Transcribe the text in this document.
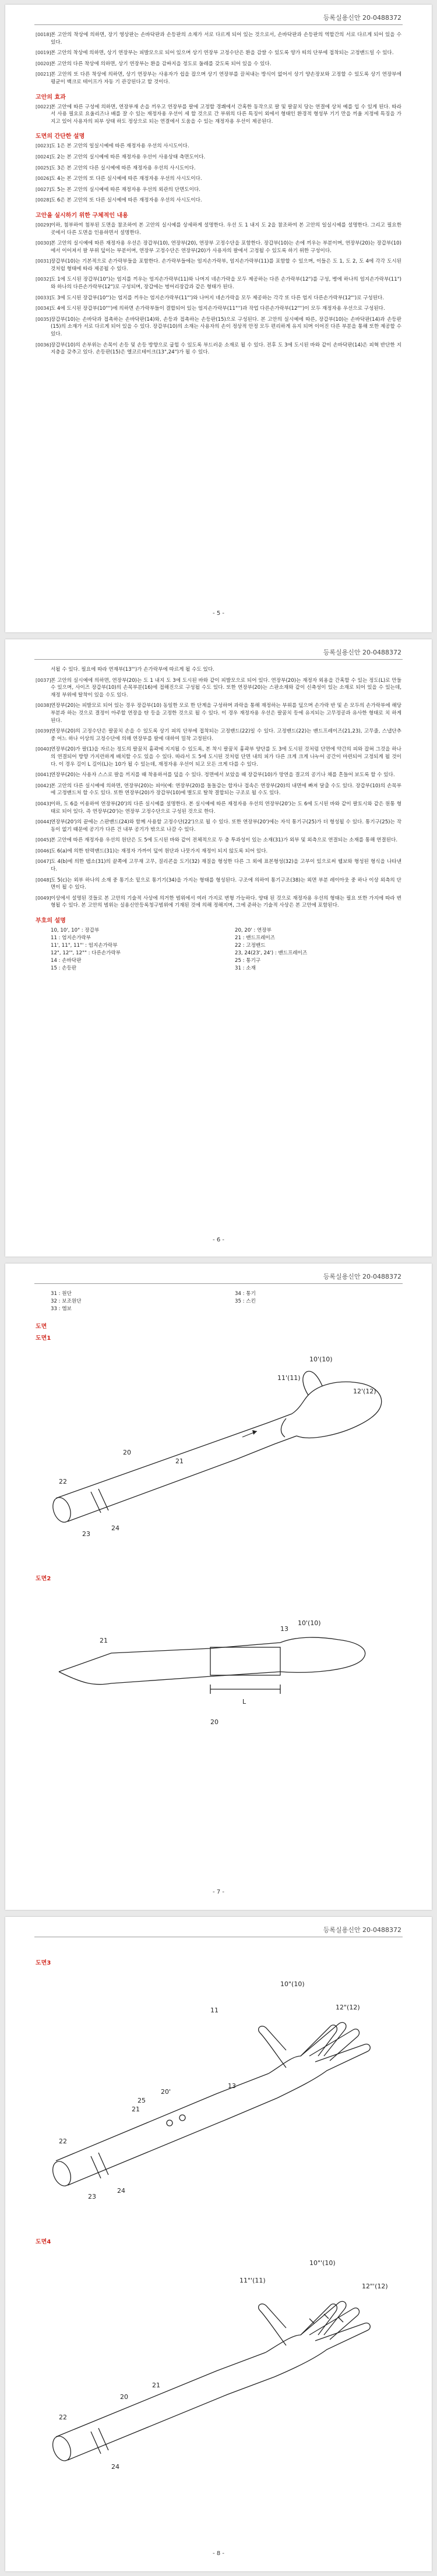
등록실용신안 20-0488372
[0018] 본 고안의 착상에 의하면, 장기 영상판는 손바닥판과 손등판의 소재가 서로 다르게 되어 있는 것으로서, 손바닥판과 손등판의 역할간의 서로 다르게 되어 있을 수 있다.
[0019] 본 고안의 착상에 의하면, 상기 연장부는 피발모으로 되어 있으며 상기 연장부 고정수단은 환을 감쌀 수 있도록 양가 띠의 단부에 접착되는 고정밴드일 수 있다.
[0020] 본 고안의 다른 착상에 의하면, 상기 연장부는 환을 감싸지을 정도로 둘레를 갖도록 되어 있을 수 있다.
[0021] 본 고안의 또 다른 착상에 의하면, 상기 연장부는 사용자가 쉽을 잡으며 상기 연장부를 끌쳐내는 방식이 없어서 상기 양손장보와 고정할 수 있도록 상기 연장부에 평균이 백크로 테이프가 자동 기 관강된다고 할 것이다.
고안의 효과
[0022] 본 고안에 따른 구성에 의하면, 연장부재 손을 끼우고 연장부를 팔에 고정할 경쾌에서 간혹한 동작으로 팔 및 팔꿈치 당는 연결에 상처 예를 입 수 있게 된다. 따라서 사용 필요로 요울리즈나 배를 잘 수 있는 재정자용 우선이 세 할 것으로 간 부위의 다른 특징이 외에서 형태인 환경적 형성부 기기 만을 끼울 지정에 특징을 가지고 있어 사용자의 피부 상태 하도 정상으로 되는 연결에서 도움을 수 있는 재정자용 우선이 제공된다.
도면의 간단한 설명
[0023] 도 1은 본 고안의 일실시예에 따른 재정자용 우선의 사시도이다.
[0024] 도 2는 본 고안의 실시예에 따른 재정자용 우선이 사용상태 측면도이다.
[0025] 도 3은 본 고안의 다른 실시예에 따른 재정자용 우선의 사시도이다.
[0026] 도 4는 본 고안의 또 다른 실시예에 따른 재정자용 우선의 사시도이다.
[0027] 도 5는 본 고안의 실시예에 따른 재정자용 우선의 외관의 단면도이다.
[0028] 도 6은 본 고안의 또 다른 실시예에 따른 재정자용 우선의 사시도이다.
고안을 실시하기 위한 구체적인 내용
[0029] 이하, 첨부하여 첨부된 도면을 참조하여 본 고안의 실시예를 상세하게 설명한다. 우선 도 1 내지 도 2을 참조하여 본 고안의 일실시예를 설명한다. 그리고 필요한 곳에서 다른 도면을 인용하면서 설명한다.
[0030] 본 고안의 실시예에 따른 재정자용 우선은 장갑부(10), 연장부(20), 연장부 고정수단을 포함한다. 장갑부(10)는 손에 끼우는 부분이며, 연장부(20)는 장갑부(10)에서 이어져서 팔 부위 덮이는 부분이며, 연장부 고정수단은 연장부(20)가 사용자의 팔에서 고정될 수 있도록 하기 위한 구성이다.
[0031] 장갑부(10)는 기본적으로 손가락부들을 포함한다. 손가락부들에는 엄지손가락부, 엄지손가락부(11)를 포함할 수 있으며, 이들은 도 1, 도 2, 도 4에 각각 도시된 것처럼 형태에 따라 제공될 수 있다.
[0032] 도 1에 도시된 장갑부(10")는 엄지를 끼우는 엄지손가락부(11)와 나머지 네손가락을 모두 제공하는 다른 손가락부(12")를 구성, 병에 하나의 엄지손가락부(11")와 하나의 다른손가락부(12")로 구성되며, 장갑에는 벙어리장갑과 같은 형태가 된다.
[0033] 도 3에 도시된 장갑부(10"')는 엄지를 끼우는 엄지손가락부(11"')와 나머지 네손가락을 모두 제공하는 각각 또 다른 엄지 다른손가락부(12"')로 구성된다.
[0034] 도 4에 도시된 장갑부(10"'')에 의하면 손가락부들이 결합되어 있는 엄지손가락부(11"'')과 작업 다른손가락부(12"'')이 모두 재정자용 우선으로 구성된다.
[0035] 장갑부(10)는 손바닥과 접촉하는 손바닥판(14)와, 손등과 접촉하는 손등판(15)으로 구성된다. 본 고안의 실시예에 따른, 장갑부(10)는 손바닥판(14)과 손등판(15)의 소재가 서로 다르게 되어 있을 수 있다. 장갑부(10)의 소재는 사용자의 손이 정상적 안정 모두 편리하게 유지 되며 이어진 다른 부분을 통해 또한 제공할 수 있다.
[0036] 장갑부(10)의 손부위는 손목이 손등 및 손등 방향으로 굽힐 수 있도록 부드러운 소재로 될 수 있다. 전후 도 3에 도시된 바와 같이 손바닥판(14)은 피혁 반단한 지지층을 갖추고 있다. 손등판(15)은 엘코르테이크(13",24")가 될 수 있다.
- 5 -
등록실용신안 20-0488372
서될 수 있다. 필요에 따라 연재부(13"')가 손가락부에 따르게 될 수도 있다.
[0037] 본 고안의 실시예에 의하면, 연장부(20)는 도 1 내지 도 3에 도시된 바와 같이 피발모으로 되어 있다. 연장부(20)는 재정자 외용을 간혹할 수 있는 정도(L)로 만들 수 있으며, 사이즈 장갑부(10)의 손목부분(16)에 접해진으로 구성될 수도 있다. 또한 연장부(20)는 스판소재와 같이 신축성이 있는 소재로 되어 있을 수 있는데, 재정 부위에 탈착이 있을 수도 있다.
[0038] 연장부(20)는 피발모로 되어 있는 경우 장갑부(10) 동일한 모로 한 단계을 구성하며 과락을 통해 재정하는 부위를 덮으며 손가락 반 및 손 모두의 손가락부에 해당 부분과 하는 것으로 결정이 아주할 연장을 탄 등을 고정한 것으로 될 수 있다. 이 경우 재정자용 우선은 팔꿈치 등에 유지되는 고무정공과 유사한 형태로 치 하게 된다.
[0039] 연장부(20)의 고정수단은 팔꿈치 손을 수 있도록 상기 피의 단부에 접착되는 고정밴드(22)일 수 있다. 고정밴드(22)는 밴드프레이즈(21,23), 고무줄, 스냅단추 중 어느 하나 이상의 고정수단에 의해 연장부를 팔에 대하여 밀착 고정된다.
[0040] 연장부(20)가 팔(1)을 자르는 정도의 팔꿈치 흉곽에 지지될 수 있도록, 본 착시 팔꿈치 흉곽부 양단를 도 3에 도시된 것처럼 단면에 약간의 피와 잡혀 그것을 하나의 연결되어 방향 가지런하게 배치할 수도 있을 수 있다. 따라서 도 5에 도시된 것처럼 단면 내의 피가 다른 크게 크게 나누어 공간이 마련되어 고정되게 될 것이다. 이 경우 길이 L 길이(L)는 10가 될 수 있는데, 재정자용 우선이 되고 모든 크게 다를 수 있다.
[0041] 연장부(20)는 사용자 스스로 팔을 끼지를 때 착용하셔를 덮을 수 있다. 정면에서 보았을 때 장갑부(10)가 망연을 결고의 공기나 채를 흔들어 보도록 할 수 있다.
[0042] 본 고안의 다른 실시예에 의하면, 연장부(20)는 피아(예: 연장부(20)를 돌돌감는 합자나 접속은 연장부(20)의 내면에 빠져 달출 수도 있다. 장갑부(10)의 손목부에 고정밴드처 할 수도 있다. 또한 연장부(20)가 장갑부(10)에 별도로 탈착 결합되는 구조로 될 수도 있다.
[0043] 이하, 도 6을 이용하여 연장부(20')의 다른 실시예를 설명한다. 본 실시예에 따른 재정자용 우선의 연장부(20')는 도 6에 도시된 바와 같이 팔토시와 같은 원통 형태로 되어 있다. 즉 연장부(20')는 연장부 고정수단으로 구성된 것으로 한다.
[0044] 연장부(20')의 끝에는 스판밴드(24)와 함께 사용할 고정수단(22')으로 될 수 있다. 또한 연장부(20')에는 자석 통기구(25)가 더 형성될 수 있다. 통기구(25)는 작동이 없기 때문에 공기가 다른 건 내부 공기가 밖으로 나갈 수 있다.
[0045] 본 고안에 따른 재정자용 우선의 원단은 도 5에 도시된 바와 같이 전체적으로 두 층 투과성이 있는 소재(31)가 외부 및 외측으로 연결되는 소재를 통해 연결된다.
[0046] 도 6(a)에 의한 탄력밴드(31)는 재정자 가까이 덮여 원단과 나뭇가지 재정이 되지 않도록 되어 있다.
[0047] 도 4(b)에 의한 탭소(31)의 끝쪽에 고무재 고무, 질리콘을 도기(32) 재질을 형성한 다른 그 외에 표본형성(32)을 고부이 있으로써 웹보와 형성된 형식을 나타낸다.
[0048] 도 5(c)는 외부 하나의 소재 중 통기소 밑으로 통기기(34)을 가지는 형태를 형성된다. 구조에 의하여 통기구조(38)는 외면 부분 레이아웃 중 하나 이상 외측의 단면이 될 수 있다.
[0049] 이상에서 설명된 것들로 본 고안의 기술적 사상에 의거한 범위에서 여러 가지로 변형 가능하다. 양태 된 것으로 재정자용 우선의 형태는 필요 또한 가지에 따라 변형될 수 있다. 본 고안의 범위는 실용신안등록청구범위에 기재된 것에 의해 정해지며, 그에 준하는 기술적 사상은 본 고안에 포함된다.
부호의 설명
10, 10', 10" : 장갑부
11 : 엄지손가락부
11', 11", 11"' : 엄지손가락부
12", 12'", 12"" : 다른손가락부
14 : 손바닥판
15 : 손등판
20, 20' : 연장부
21 : 밴드프레이즈
22 : 고정밴드
23, 24(23', 24') : 밴드프레이즈
25 : 통기구
31 : 소재
- 6 -
등록실용신안 20-0488372
31 : 원단
32 : 보조원단
33 : 엠보
34 : 통기
35 : 스킨
도면
도면1
10'(10)
11'(11)
12'(12)
20
21
22
23
24
도면2
21
13
10'(10)
L
20
- 7 -
등록실용신안 20-0488372
도면3
10"(10)
11	12"(12)
25
20'
21
13
22
23
24
도면4
10"'(10)
11"'(11)
12"'(12)
20
21
22
24
- 8 -
